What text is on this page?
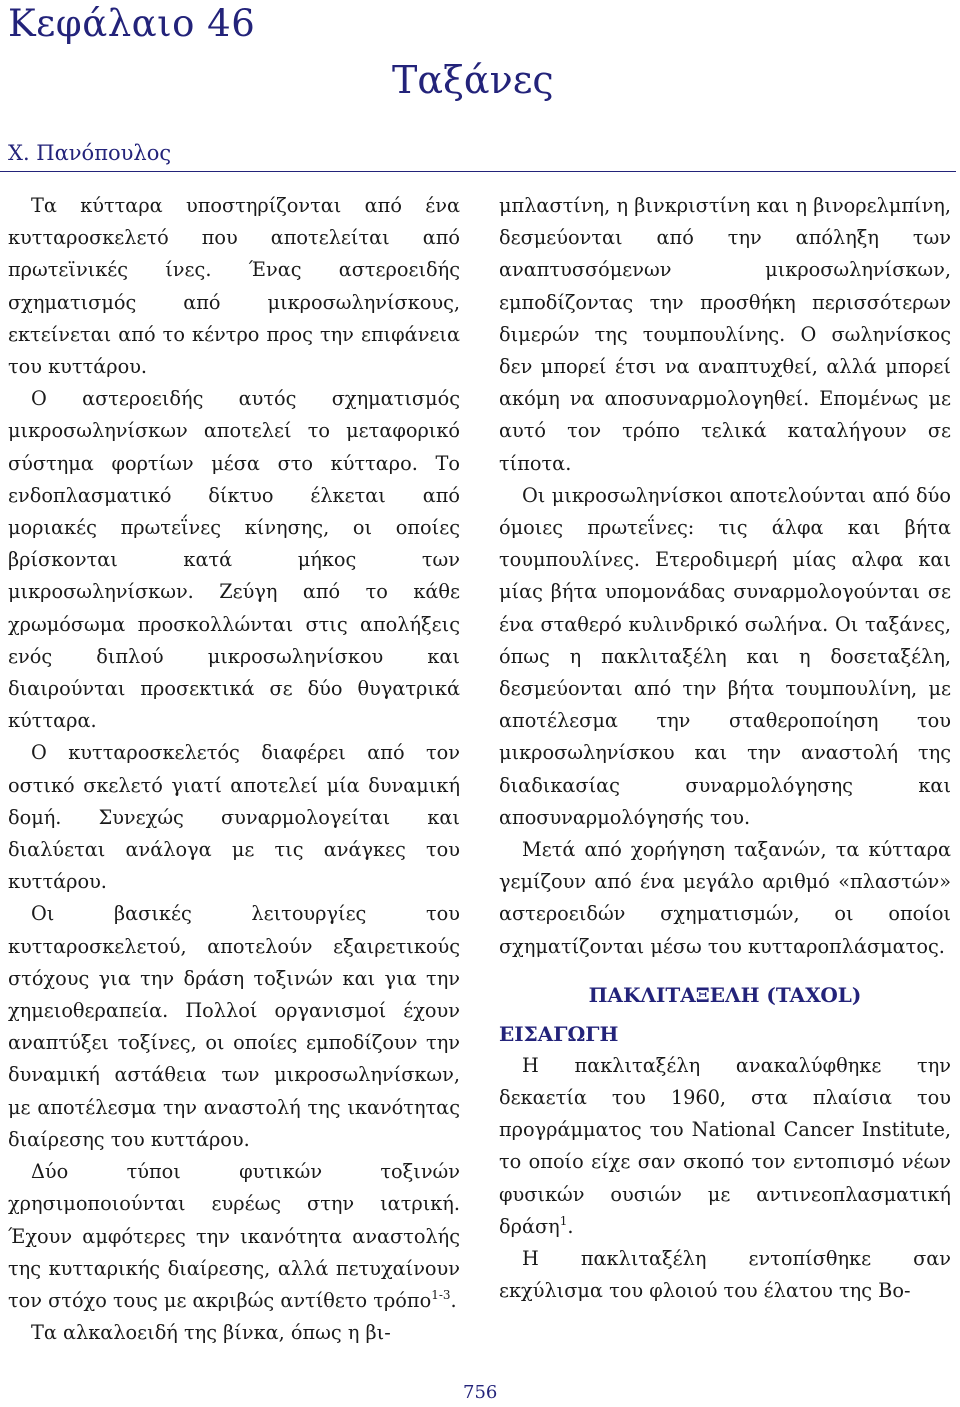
Κεφάλαιο 46
Ταξάνες
Χ. Πανόπουλος

Τα κύτταρα υποστηρίζονται από ένα κυτταροσκελετό που αποτελείται από πρωτεϊνικές ίνες. Ένας αστεροειδής σχηματισμός από μικροσωληνίσκους, εκτείνεται από το κέντρο προς την επιφάνεια του κυττάρου.

Ο αστεροειδής αυτός σχηματισμός μικροσωληνίσκων αποτελεί το μεταφορικό σύστημα φορτίων μέσα στο κύτταρο. Το ενδοπλασματικό δίκτυο έλκεται από μοριακές πρωτεΐνες κίνησης, οι οποίες βρίσκονται κατά μήκος των μικροσωληνίσκων. Ζεύγη από το κάθε χρωμόσωμα προσκολλώνται στις απολήξεις ενός διπλού μικροσωληνίσκου και διαιρούνται προσεκτικά σε δύο θυγατρικά κύτταρα.

Ο κυτταροσκελετός διαφέρει από τον οστικό σκελετό γιατί αποτελεί μία δυναμική δομή. Συνεχώς συναρμολογείται και διαλύεται ανάλογα με τις ανάγκες του κυττάρου.

Οι βασικές λειτουργίες του κυτταροσκελετού, αποτελούν εξαιρετικούς στόχους για την δράση τοξινών και για την χημειοθεραπεία. Πολλοί οργανισμοί έχουν αναπτύξει τοξίνες, οι οποίες εμποδίζουν την δυναμική αστάθεια των μικροσωληνίσκων, με αποτέλεσμα την αναστολή της ικανότητας διαίρεσης του κυττάρου.

Δύο τύποι φυτικών τοξινών χρησιμοποιούνται ευρέως στην ιατρική. Έχουν αμφότερες την ικανότητα αναστολής της κυτταρικής διαίρεσης, αλλά πετυχαίνουν τον στόχο τους με ακριβώς αντίθετο τρόπο$^{1-3}$.

Τα αλκαλοειδή της βίνκα, όπως η βι-

μπλαστίνη, η βινκριστίνη και η βινορελμπίνη, δεσμεύονται από την απόληξη των αναπτυσσόμενων μικροσωληνίσκων, εμποδίζοντας την προσθήκη περισσότερων διμερών της τουμπουλίνης. Ο σωληνίσκος δεν μπορεί έτσι να αναπτυχθεί, αλλά μπορεί ακόμη να αποσυναρμολογηθεί. Επομένως με αυτό τον τρόπο τελικά καταλήγουν σε τίποτα.

Οι μικροσωληνίσκοι αποτελούνται από δύο όμοιες πρωτεΐνες: τις άλφα και βήτα τουμπουλίνες. Ετεροδιμερή μίας αλφα και μίας βήτα υπομονάδας συναρμολογούνται σε ένα σταθερό κυλινδρικό σωλήνα. Οι ταξάνες, όπως η πακλιταξέλη και η δοσεταξέλη, δεσμεύονται από την βήτα τουμπουλίνη, με αποτέλεσμα την σταθεροποίηση του μικροσωληνίσκου και την αναστολή της διαδικασίας συναρμολόγησης και αποσυναρμολόγησής του.

Μετά από χορήγηση ταξανών, τα κύτταρα γεμίζουν από ένα μεγάλο αριθμό «πλαστών» αστεροειδών σχηματισμών, οι οποίοι σχηματίζονται μέσω του κυτταροπλάσματος.

ΠΑΚΛΙΤΑΞΕΛΗ (TAXOL)
ΕΙΣΑΓΩΓΗ

Η πακλιταξέλη ανακαλύφθηκε την δεκαετία του 1960, στα πλαίσια του προγράμματος του National Cancer Institute, το οποίο είχε σαν σκοπό τον εντοπισμό νέων φυσικών ουσιών με αντινεοπλασματική δράση$^1$.

Η πακλιταξέλη εντοπίσθηκε σαν εκχύλισμα του φλοιού του έλατου της Βο-

756
